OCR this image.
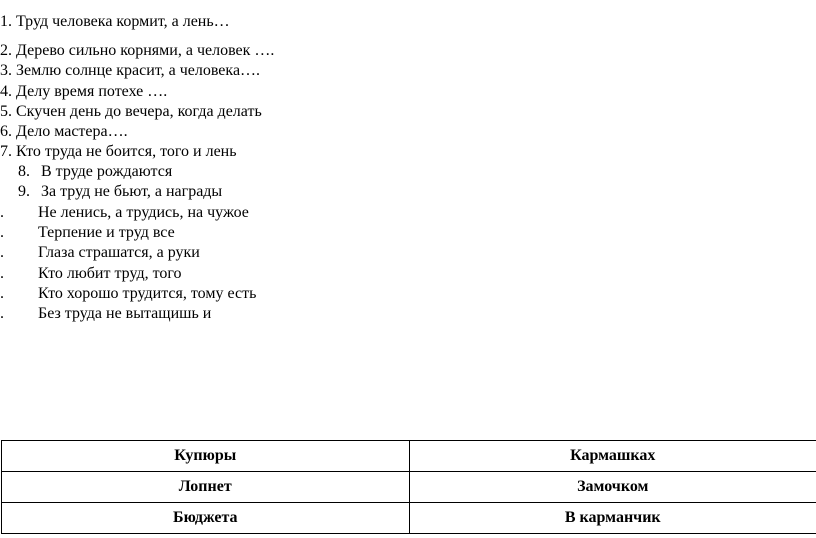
1. Труд человека кормит, а лень…
2. Дерево сильно корнями, а человек ….
3. Землю солнце красит, а человека….
4. Делу время потехе ….
5. Скучен день до вечера, когда делать
6. Дело мастера….
7. Кто труда не боится, того и лень
8. В труде рождаются
9. За труд не бьют, а награды
. Не ленись, а трудись, на чужое
. Терпение и труд все
. Глаза страшатся, а руки
. Кто любит труд, того
. Кто хорошо трудится, тому есть
. Без труда не вытащишь и
Купюры	Кармашках
Лопнет	Замочком
Бюджета	В карманчик
